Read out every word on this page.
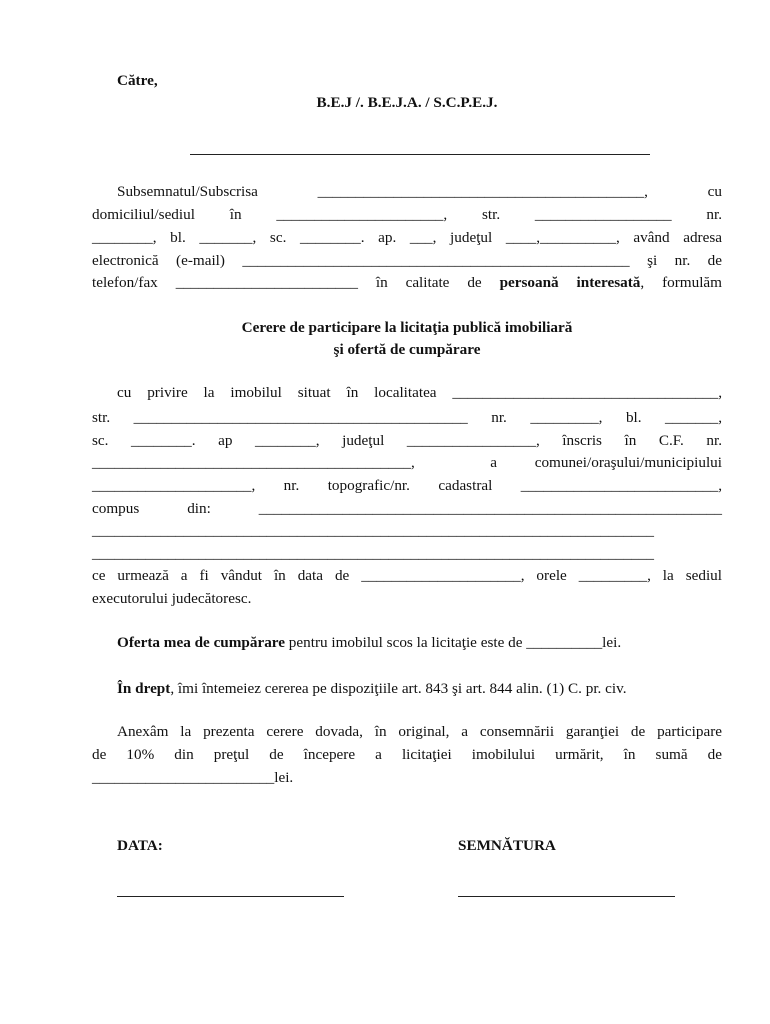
Către,
B.E.J /. B.E.J.A. / S.C.P.E.J.
Subsemnatul/Subscrisa   ___________________________________________,   cu
domiciliul/sediul  în  ______________________,  str.  __________________  nr.
________, bl. _______, sc. ________. ap. ___, judeţul ____,__________, având adresa
electronică (e-mail) ___________________________________________________ şi nr. de
telefon/fax ________________________ în calitate de persoană interesată, formulăm
Cerere de participare la licitaţia publică imobiliară
şi ofertă de cumpărare
cu privire la imobilul situat în localitatea ___________________________________,
str.  ____________________________________________  nr.  _________,  bl.  _______,
sc.   ________.   ap   ________,   judeţul   _________________,   înscris   în   C.F.   nr.
__________________________________________,  a comunei/oraşului/municipiului
_____________________, nr. topografic/nr. cadastral __________________________,
compus din: _____________________________________________________________
__________________________________________________________________________
__________________________________________________________________________
ce urmează a fi vândut în data de _____________________, orele _________, la sediul
executorului judecătoresc.
Oferta mea de cumpărare pentru imobilul scos la licitaţie este de __________lei.
În drept, îmi întemeiez cererea pe dispoziţiile art. 843 şi art. 844 alin. (1) C. pr. civ.
Anexâm la prezenta cerere dovada, în original, a consemnării garanţiei de participare
de  10%  din  preţul  de  începere  a  licitaţiei  imobilului  urmărit,  în  sumă  de
________________________lei.
DATA:	SEMNĂTURA
